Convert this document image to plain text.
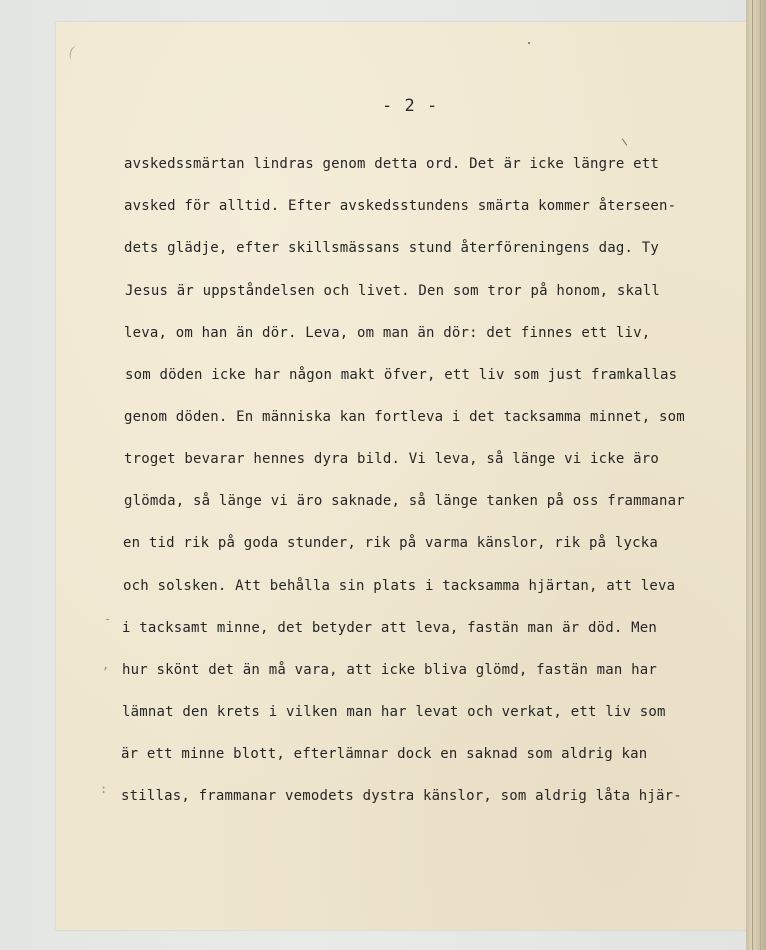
-
,
:
- 2 -
avskedssmärtan lindras genom detta ord. Det är icke längre ett
avsked för alltid. Efter avskedsstundens smärta kommer återseen-
dets glädje, efter skillsmässans stund återföreningens dag. Ty
Jesus är uppståndelsen och livet. Den som tror på honom, skall
leva, om han än dör. Leva, om man än dör: det finnes ett liv,
som döden icke har någon makt öfver, ett liv som just framkallas
genom döden. En människa kan fortleva i det tacksamma minnet, som
troget bevarar hennes dyra bild. Vi leva, så länge vi icke äro
glömda, så länge vi äro saknade, så länge tanken på oss frammanar
en tid rik på goda stunder, rik på varma känslor, rik på lycka
och solsken. Att behålla sin plats i tacksamma hjärtan, att leva
i tacksamt minne, det betyder att leva, fastän man är död. Men
hur skönt det än må vara, att icke bliva glömd, fastän man har
lämnat den krets i vilken man har levat och verkat, ett liv som
är ett minne blott, efterlämnar dock en saknad som aldrig kan
stillas, frammanar vemodets dystra känslor, som aldrig låta hjär-
